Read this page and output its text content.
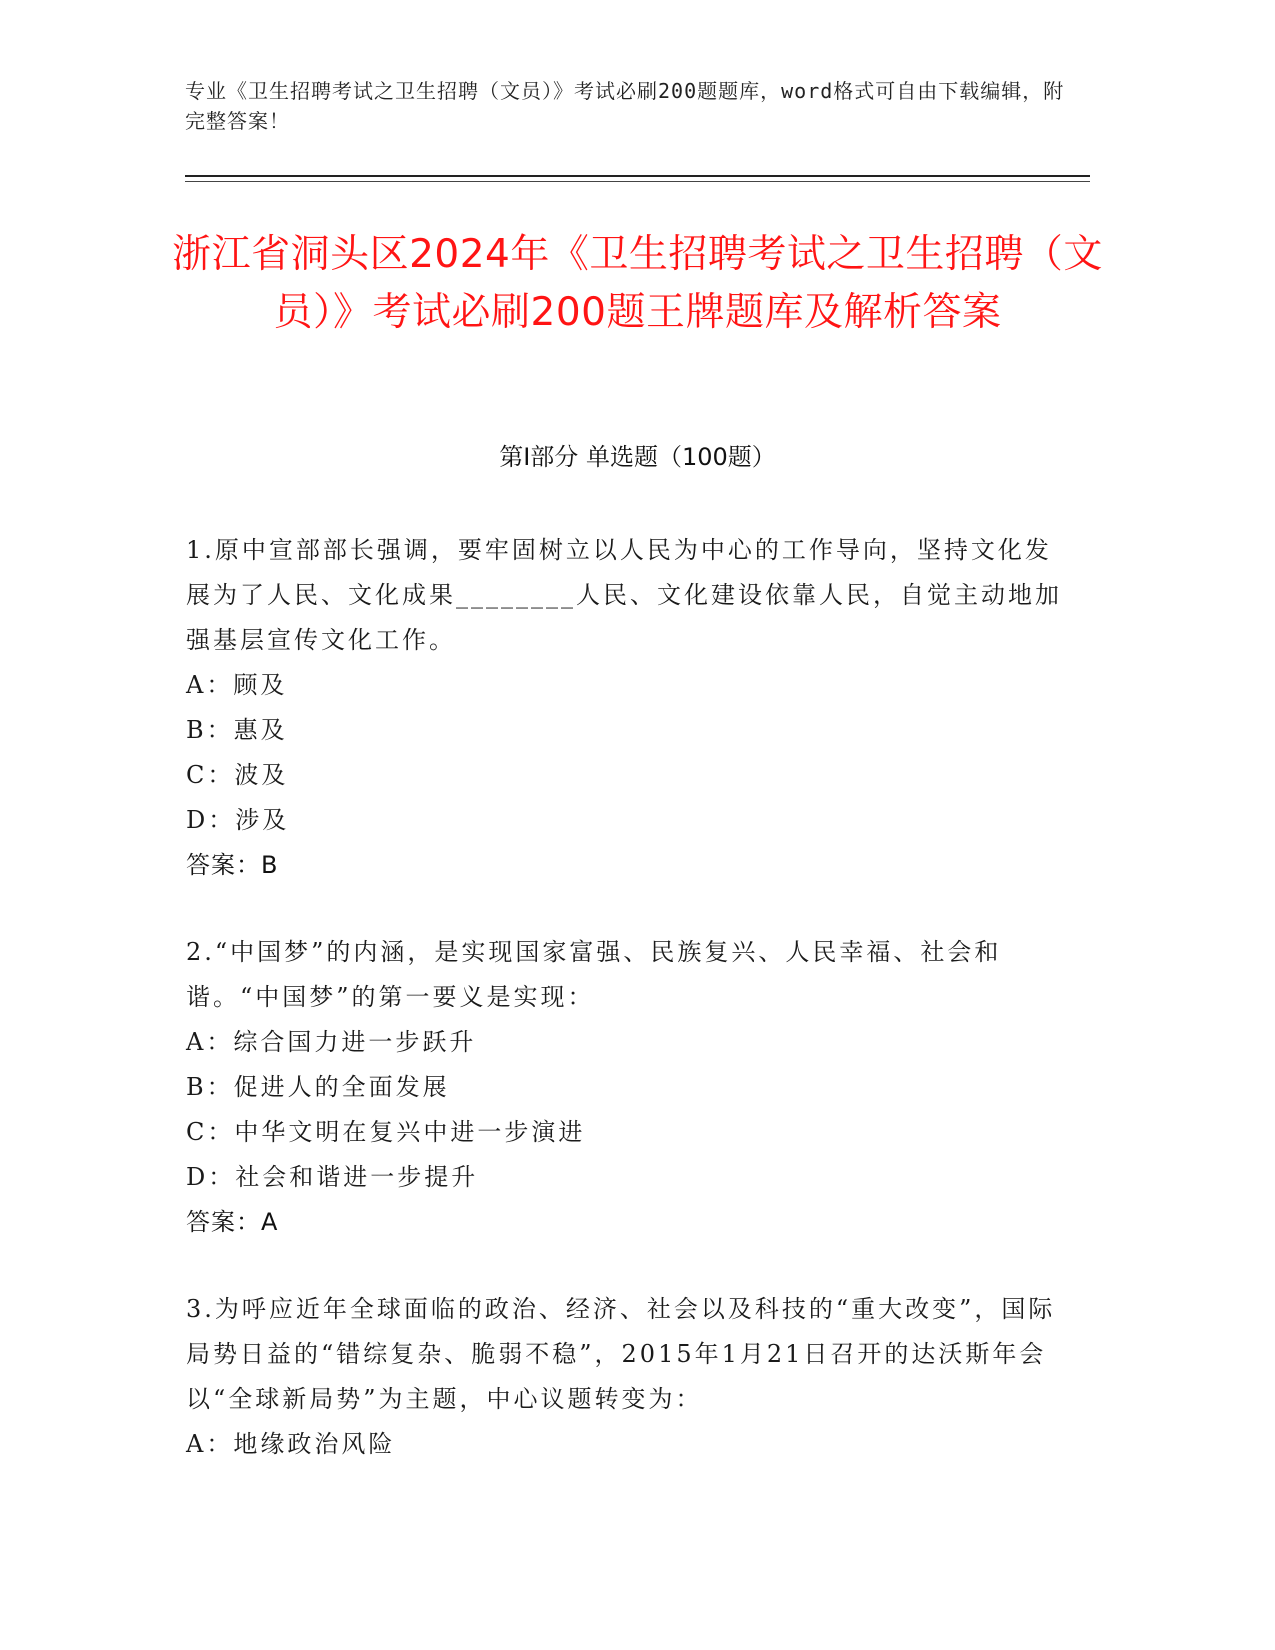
专业《卫生招聘考试之卫生招聘（文员）》考试必刷200题题库，word格式可自由下载编辑，附完整答案！
浙江省洞头区2024年《卫生招聘考试之卫生招聘（文员）》考试必刷200题王牌题库及解析答案
第Ⅰ部分 单选题（100题）
1.原中宣部部长强调，要牢固树立以人民为中心的工作导向，坚持文化发展为了人民、文化成果________人民、文化建设依靠人民，自觉主动地加强基层宣传文化工作。
A：顾及
B：惠及
C：波及
D：涉及
答案：B
2.“中国梦”的内涵，是实现国家富强、民族复兴、人民幸福、社会和谐。“中国梦”的第一要义是实现：
A：综合国力进一步跃升
B：促进人的全面发展
C：中华文明在复兴中进一步演进
D：社会和谐进一步提升
答案：A
3.为呼应近年全球面临的政治、经济、社会以及科技的“重大改变”，国际局势日益的“错综复杂、脆弱不稳”，2015年1月21日召开的达沃斯年会以“全球新局势”为主题，中心议题转变为：
A：地缘政治风险
